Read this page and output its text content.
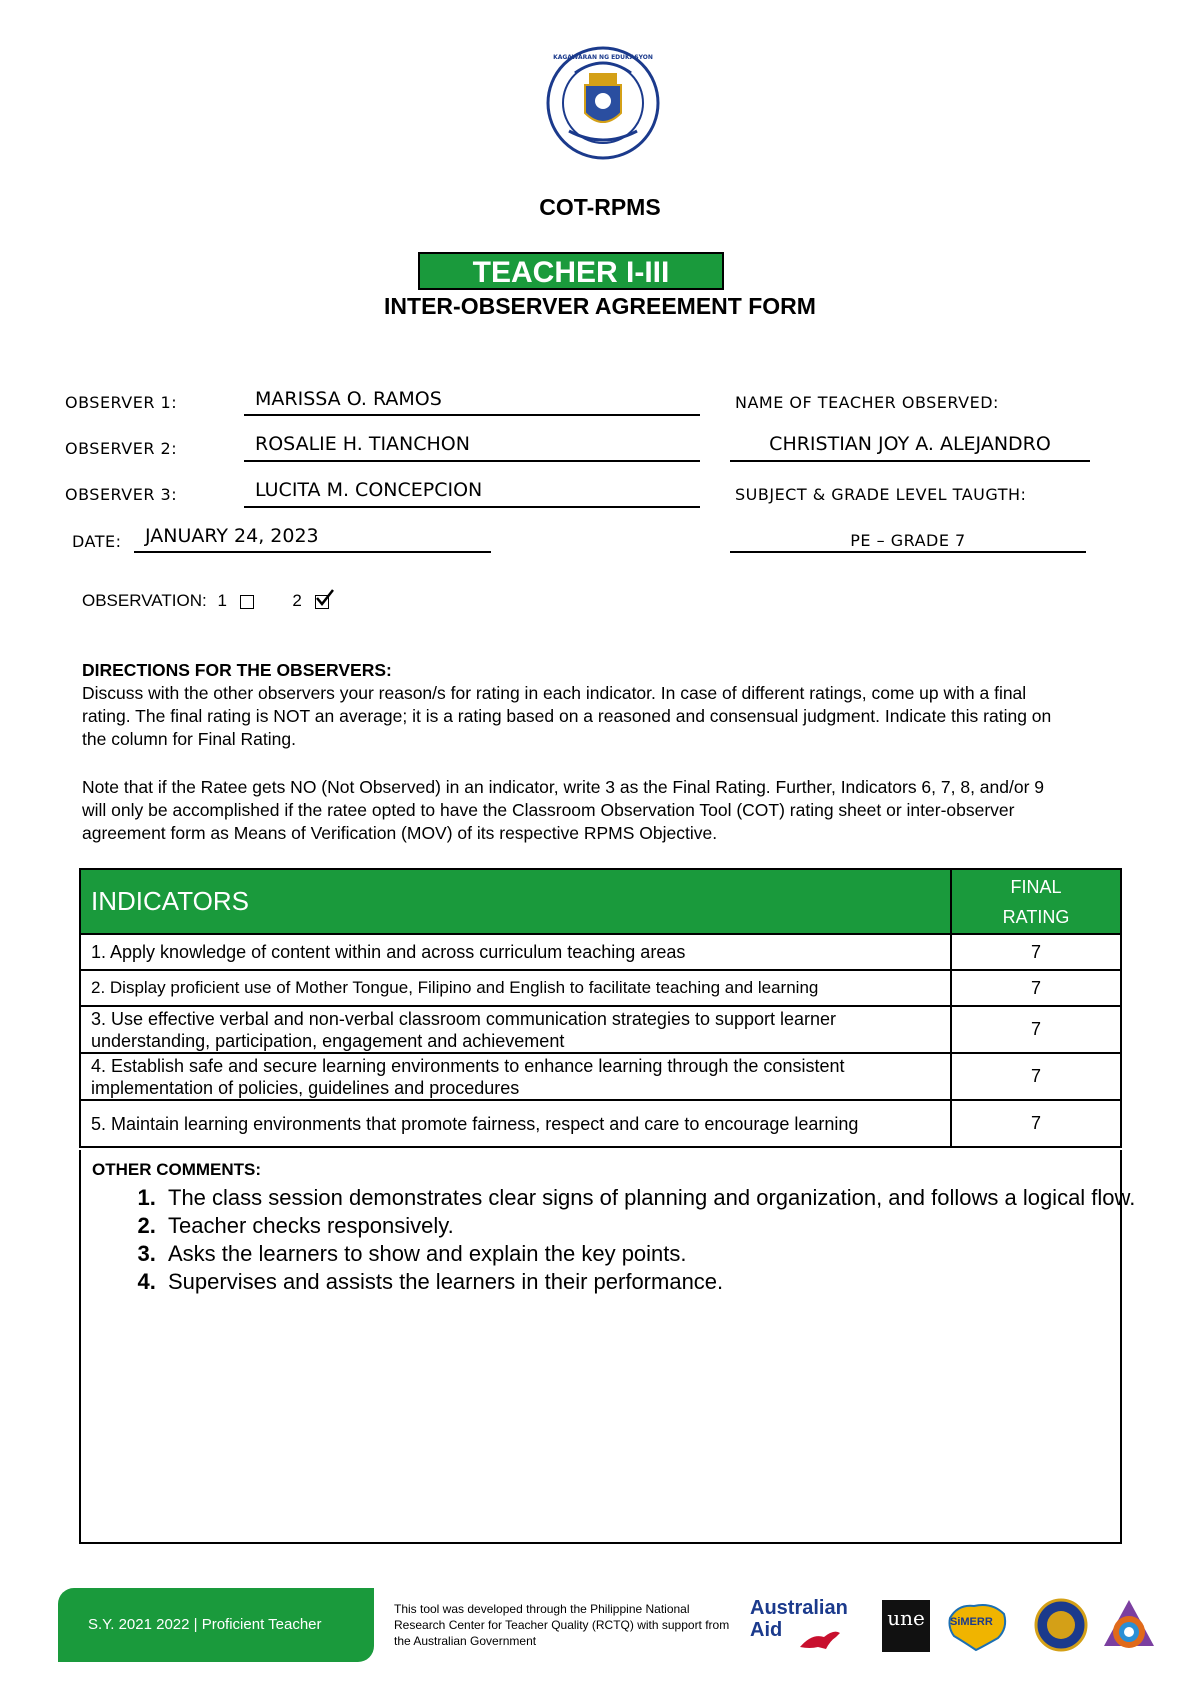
KAGAWARAN NG EDUKASYON
COT-RPMS
TEACHER I-III
INTER-OBSERVER AGREEMENT FORM
OBSERVER 1:	MARISSA O. RAMOS
OBSERVER 2:	ROSALIE H. TIANCHON
OBSERVER 3:	LUCITA M. CONCEPCION
DATE: JANUARY 24, 2023
NAME OF TEACHER OBSERVED:
CHRISTIAN JOY A. ALEJANDRO
SUBJECT & GRADE LEVEL TAUGTH:
PE – GRADE 7
OBSERVATION: 1	2
DIRECTIONS FOR THE OBSERVERS:
Discuss with the other observers your reason/s for rating in each indicator. In case of different ratings, come up with a final rating. The final rating is NOT an average; it is a rating based on a reasoned and consensual judgment. Indicate this rating on the column for Final Rating.
Note that if the Ratee gets NO (Not Observed) in an indicator, write 3 as the Final Rating. Further, Indicators 6, 7, 8, and/or 9 will only be accomplished if the ratee opted to have the Classroom Observation Tool (COT) rating sheet or inter-observer agreement form as Means of Verification (MOV) of its respective RPMS Objective.
INDICATORS	FINAL
RATING

1. Apply knowledge of content within and across curriculum teaching areas	7
2. Display proficient use of Mother Tongue, Filipino and English to facilitate teaching and learning	7
3. Use effective verbal and non-verbal classroom communication strategies to support learner understanding, participation, engagement and achievement	7
4. Establish safe and secure learning environments to enhance learning through the consistent implementation of policies, guidelines and procedures	7
5. Maintain learning environments that promote fairness, respect and care to encourage learning	7
OTHER COMMENTS:
1. The class session demonstrates clear signs of planning and organization, and follows a logical flow.
2. Teacher checks responsively.
3. Asks the learners to show and explain the key points.
4. Supervises and assists the learners in their performance.
S.Y. 2021 2022 | Proficient Teacher
This tool was developed through the Philippine National Research Center for Teacher Quality (RCTQ) with support from the Australian Government
Australian
Aid	une	SiMERR
